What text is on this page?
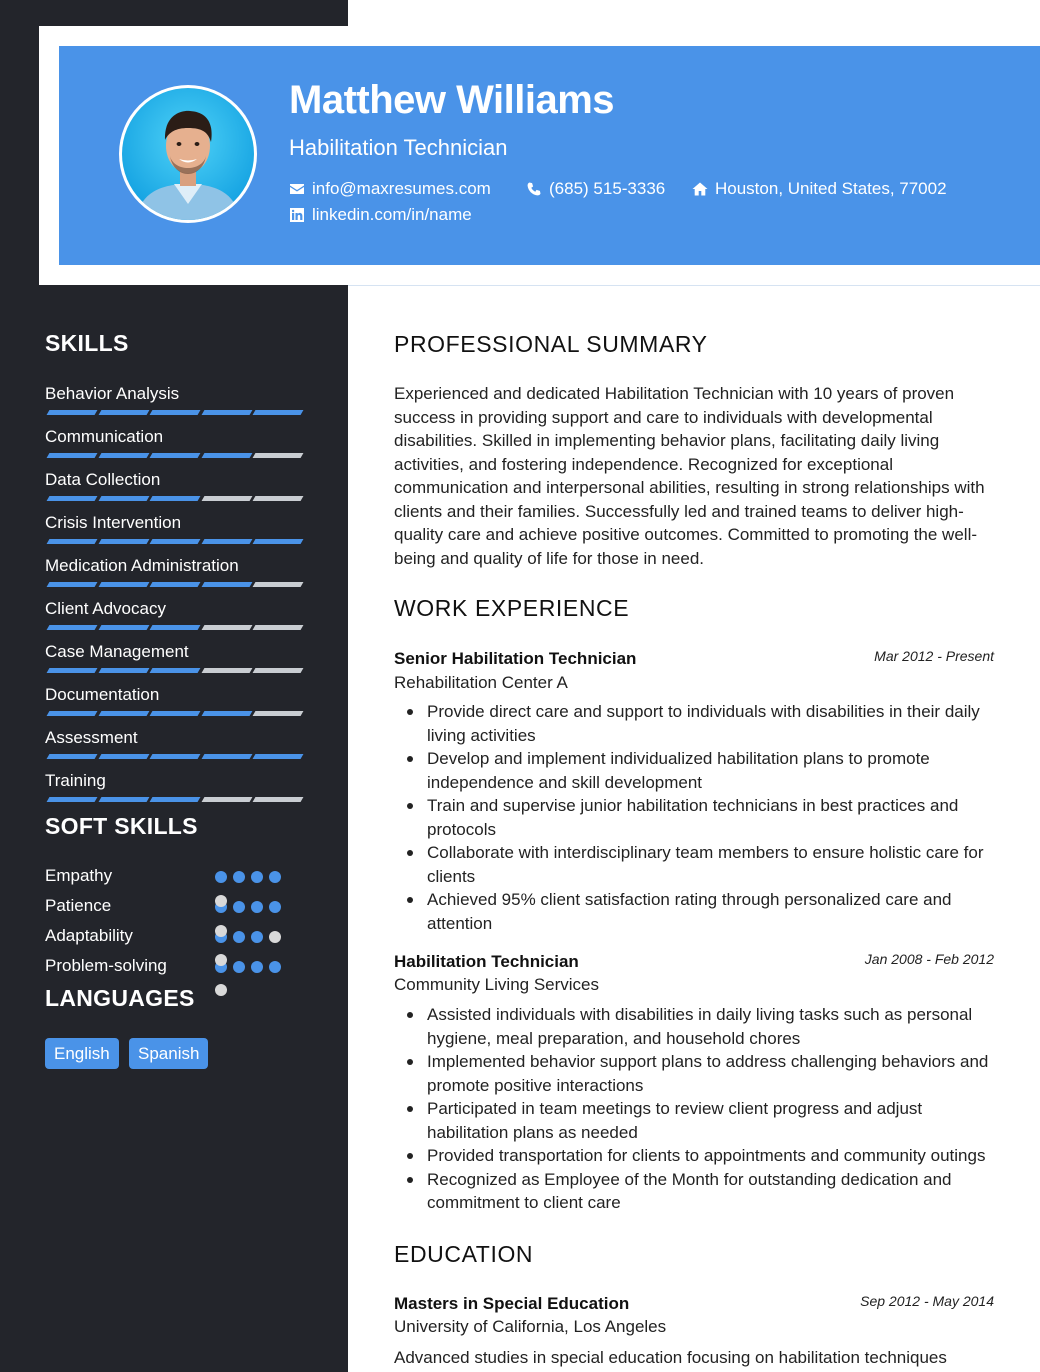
Matthew Williams
Habilitation Technician
info@maxresumes.com	(685) 515-3336	Houston, United States, 77002
linkedin.com/in/name
SKILLS
Behavior Analysis
Communication
Data Collection
Crisis Intervention
Medication Administration
Client Advocacy
Case Management
Documentation
Assessment
Training
SOFT SKILLS
Empathy
Patience
Adaptability
Problem-solving
LANGUAGES
English	Spanish
PROFESSIONAL SUMMARY

Experienced and dedicated Habilitation Technician with 10 years of proven success in providing support and care to individuals with developmental disabilities. Skilled in implementing behavior plans, facilitating daily living activities, and fostering independence. Recognized for exceptional communication and interpersonal abilities, resulting in strong relationships with clients and their families. Successfully led and trained teams to deliver high-quality care and achieve positive outcomes. Committed to promoting the well-being and quality of life for those in need.

WORK EXPERIENCE
Senior Habilitation Technician	Mar 2012 - Present
Rehabilitation Center A
Provide direct care and support to individuals with disabilities in their daily living activities
Develop and implement individualized habilitation plans to promote independence and skill development
Train and supervise junior habilitation technicians in best practices and protocols
Collaborate with interdisciplinary team members to ensure holistic care for clients
Achieved 95% client satisfaction rating through personalized care and attention
Habilitation Technician	Jan 2008 - Feb 2012
Community Living Services
Assisted individuals with disabilities in daily living tasks such as personal hygiene, meal preparation, and household chores
Implemented behavior support plans to address challenging behaviors and promote positive interactions
Participated in team meetings to review client progress and adjust habilitation plans as needed
Provided transportation for clients to appointments and community outings
Recognized as Employee of the Month for outstanding dedication and commitment to client care
EDUCATION
Masters in Special Education	Sep 2012 - May 2014
University of California, Los Angeles

Advanced studies in special education focusing on habilitation techniques
